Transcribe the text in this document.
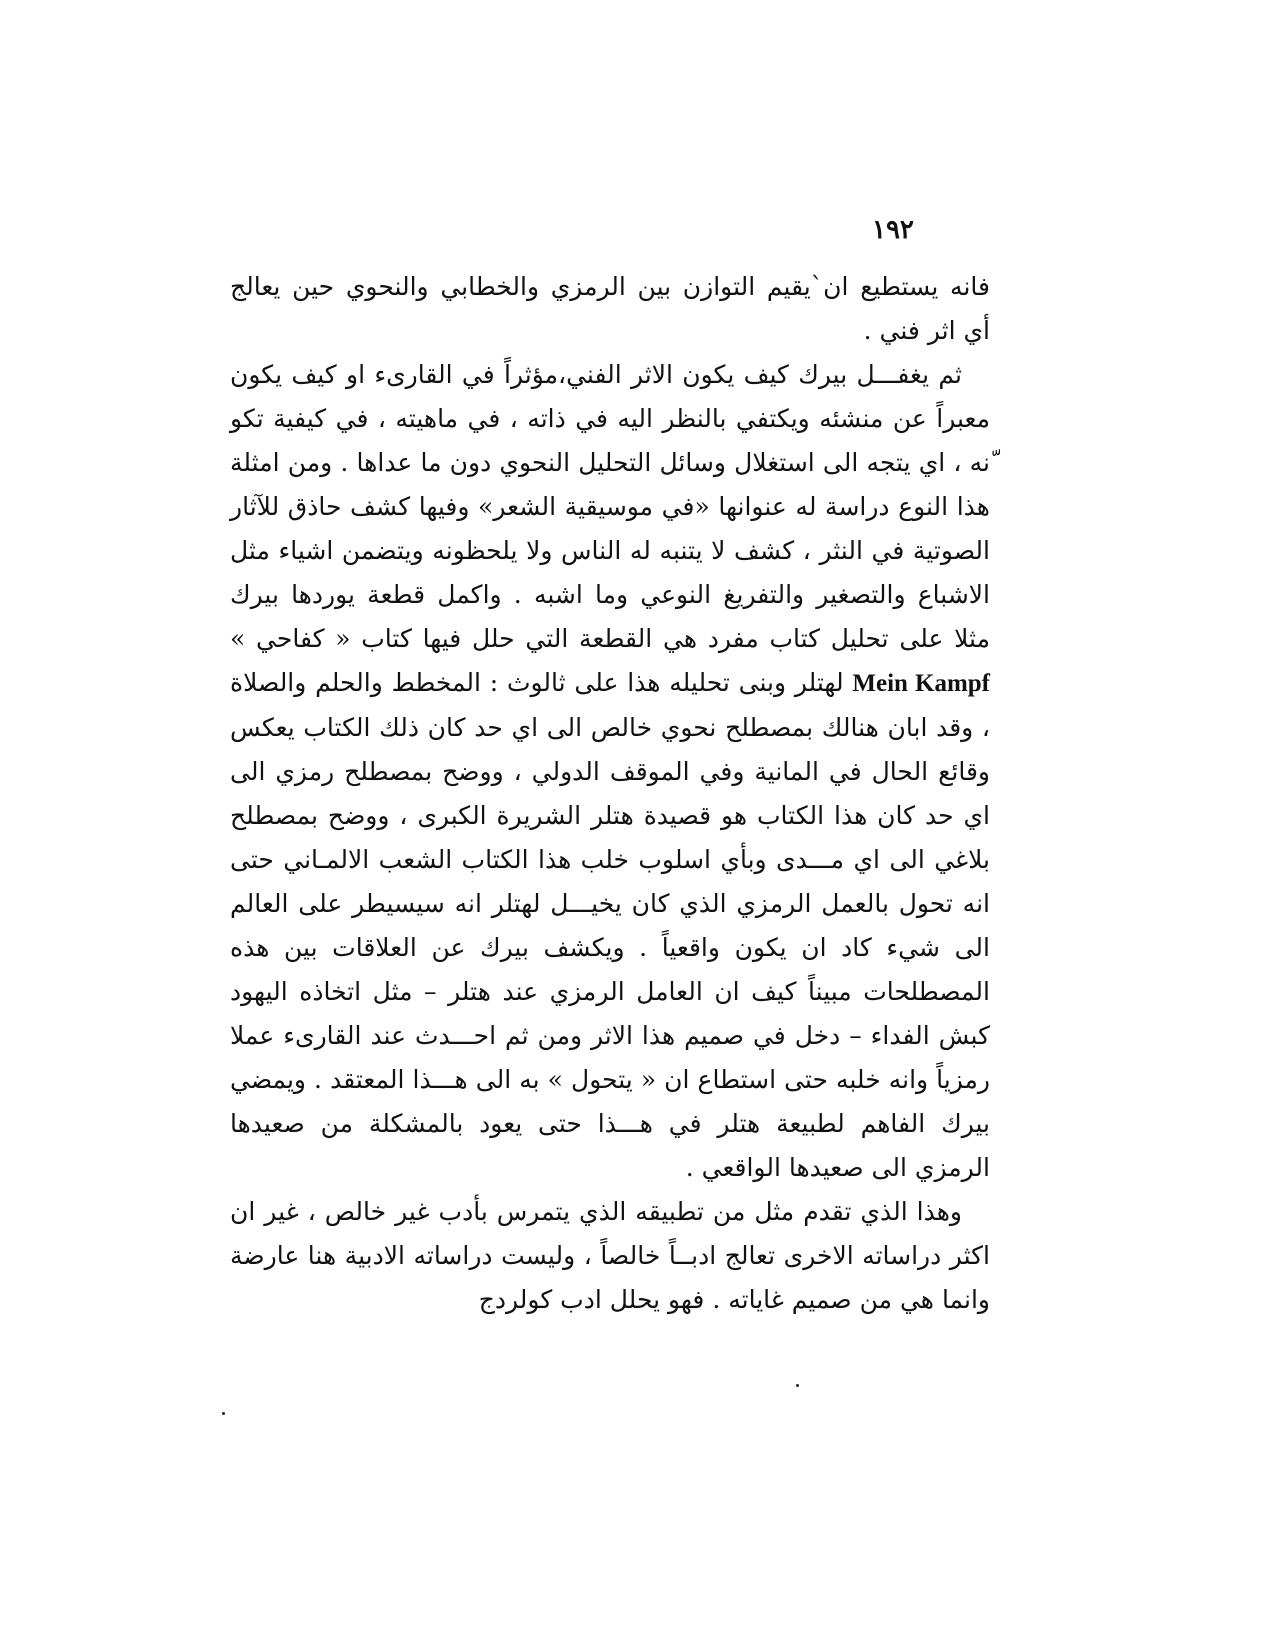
١٩٢

فانه يستطيع ان`يقيم التوازن بين الرمزي والخطابي والنحوي حين يعالج أي اثر فني .

ثم يغفـــل بيرك كيف يكون الاثر الفني،مؤثراً في القارىء او كيف يكون معبراً عن منشئه ويكتفي بالنظر اليه في ذاته ، في ماهيته ، في كيفية تكو ّنه ، اي يتجه الى استغلال وسائل التحليل النحوي دون ما عداها . ومن امثلة هذا النوع دراسة له عنوانها «في موسيقية الشعر» وفيها كشف حاذق للآثار الصوتية في النثر ، كشف لا يتنبه له الناس ولا يلحظونه ويتضمن اشياء مثل الاشباع والتصغير والتفريغ النوعي وما اشبه . واكمل قطعة يوردها بيرك مثلا على تحليل كتاب مفرد هي القطعة التي حلل فيها كتاب « كفاحي » Mein Kampf لهتلر وبنى تحليله هذا على ثالوث : المخطط والحلم والصلاة ، وقد ابان هنالك بمصطلح نحوي خالص الى اي حد كان ذلك الكتاب يعكس وقائع الحال في المانية وفي الموقف الدولي ، ووضح بمصطلح رمزي الى اي حد كان هذا الكتاب هو قصيدة هتلر الشريرة الكبرى ، ووضح بمصطلح بلاغي الى اي مـــدى وبأي اسلوب خلب هذا الكتاب الشعب الالمـاني حتى انه تحول بالعمل الرمزي الذي كان يخيـــل لهتلر انه سيسيطر على العالم الى شيء كاد ان يكون واقعياً . ويكشف بيرك عن العلاقات بين هذه المصطلحات مبيناً كيف ان العامل الرمزي عند هتلر – مثل اتخاذه اليهود كبش الفداء – دخل في صميم هذا الاثر ومن ثم احـــدث عند القارىء عملا رمزياً وانه خلبه حتى استطاع ان « يتحول » به الى هـــذا المعتقد . ويمضي بيرك الفاهم لطبيعة هتلر في هـــذا حتى يعود بالمشكلة من صعيدها الرمزي الى صعيدها الواقعي .

وهذا الذي تقدم مثل من تطبيقه الذي يتمرس بأدب غير خالص ، غير ان اكثر دراساته الاخرى تعالج ادبــاً خالصاً ، وليست دراساته الادبية هنا عارضة وانما هي من صميم غاياته . فهو يحلل ادب كولردج
